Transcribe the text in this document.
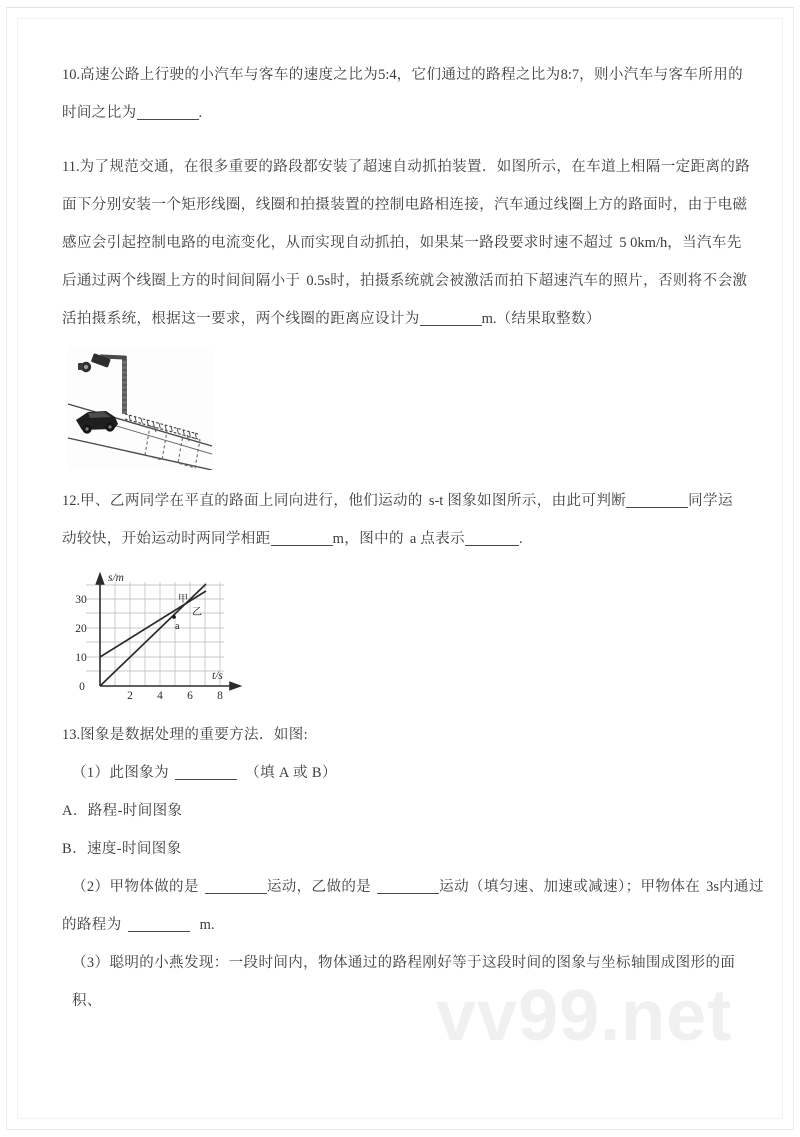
vv99.net
10.高速公路上行驶的小汽车与客车的速度之比为5:4，它们通过的路程之比为8:7，则小汽车与客车所用的
时间之比为	.
11.为了规范交通，在很多重要的路段都安装了超速自动抓拍装置．如图所示，在车道上相隔一定距离的路
面下分别安装一个矩形线圈，线圈和拍摄装置的控制电路相连接，汽车通过线圈上方的路面时，由于电磁
感应会引起控制电路的电流变化，从而实现自动抓拍，如果某一路段要求时速不超过 5 0km/h，当汽车先
后通过两个线圈上方的时间间隔小于 0.5s时，拍摄系统就会被激活而拍下超速汽车的照片，否则将不会激
活拍摄系统，根据这一要求，两个线圈的距离应设计为	m.（结果取整数）
12.甲、乙两同学在平直的路面上同向进行，他们运动的 s‑t 图象如图所示，由此可判断	同学运
动较快，开始运动时两同学相距	m，图中的 a 点表示	.
0
10
20
30
2 4 6 8
s/m
t/s
a
甲
乙
13.图象是数据处理的重要方法．如图:
（1）此图象为	（填 A 或 B）
A．路程‑时间图象
B．速度‑时间图象
（2）甲物体做的是	运动，乙做的是	运动（填匀速、加速或减速）；甲物体在 3s内通过
的路程为	m.
（3）聪明的小燕发现：一段时间内，物体通过的路程刚好等于这段时间的图象与坐标轴围成图形的面积、
